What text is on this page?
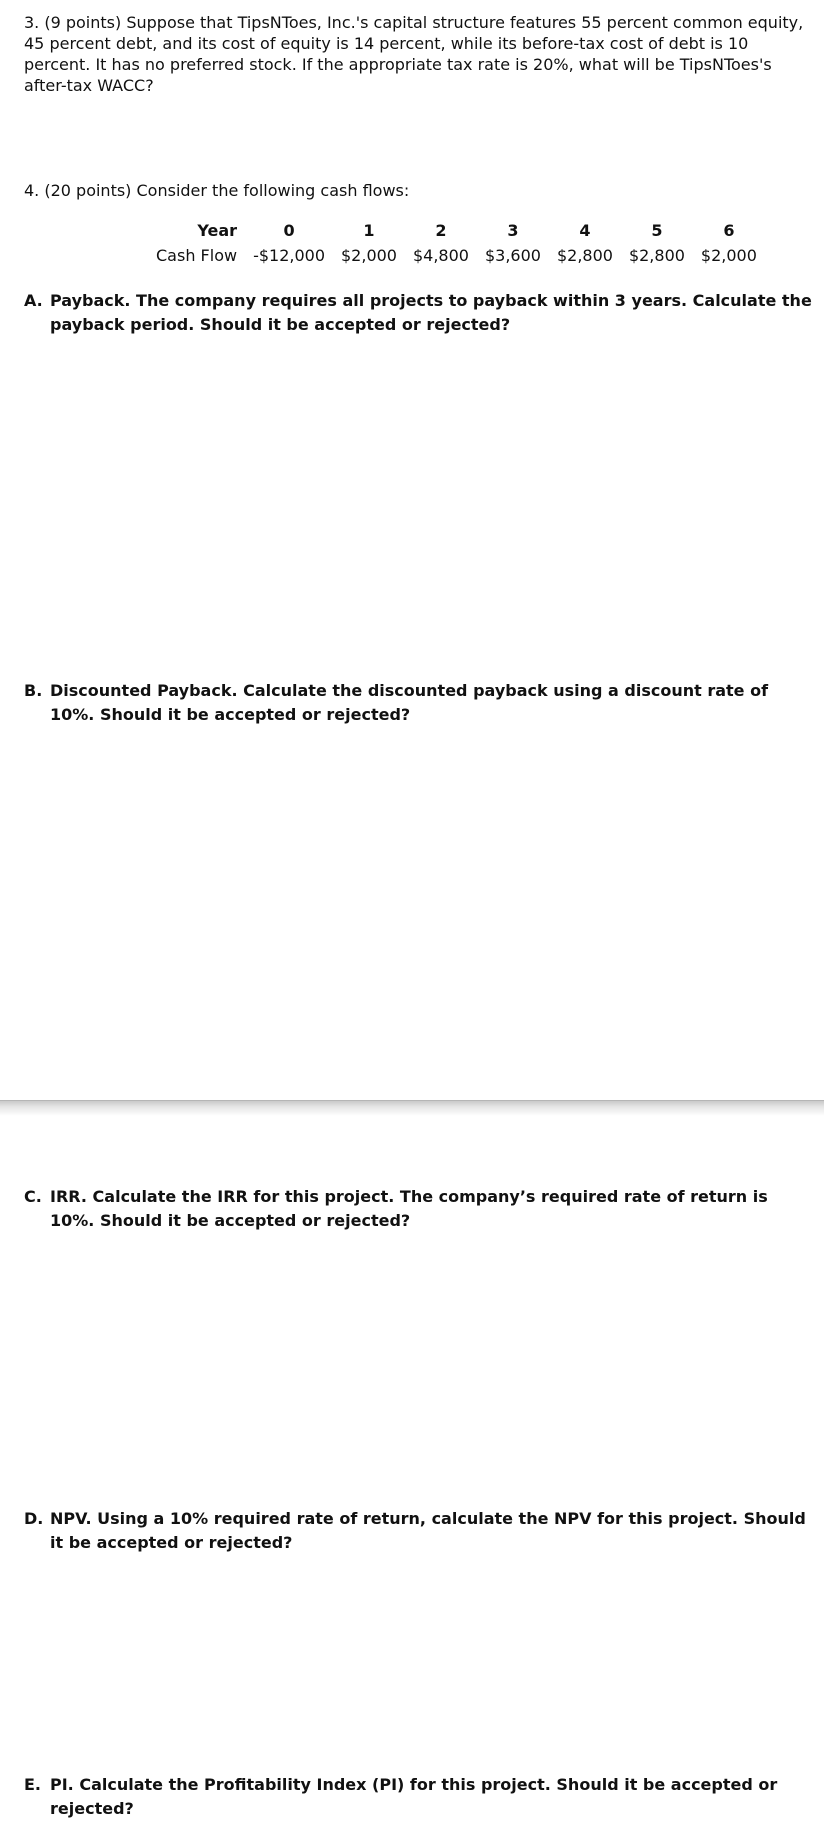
3. (9 points) Suppose that TipsNToes, Inc.'s capital structure features 55 percent common equity, 45 percent debt, and its cost of equity is 14 percent, while its before-tax cost of debt is 10 percent. It has no preferred stock. If the appropriate tax rate is 20%, what will be TipsNToes's after-tax WACC?

4. (20 points) Consider the following cash flows:

Year	0	1	2	3	4	5	6
Cash Flow	-$12,000	$2,000	$4,800	$3,600	$2,800	$2,800	$2,000
A. Payback. The company requires all projects to payback within 3 years. Calculate the payback period. Should it be accepted or rejected?
B. Discounted Payback. Calculate the discounted payback using a discount rate of 10%. Should it be accepted or rejected?
C. IRR. Calculate the IRR for this project. The company’s required rate of return is 10%. Should it be accepted or rejected?
D. NPV. Using a 10% required rate of return, calculate the NPV for this project. Should it be accepted or rejected?
E. PI. Calculate the Profitability Index (PI) for this project. Should it be accepted or rejected?
